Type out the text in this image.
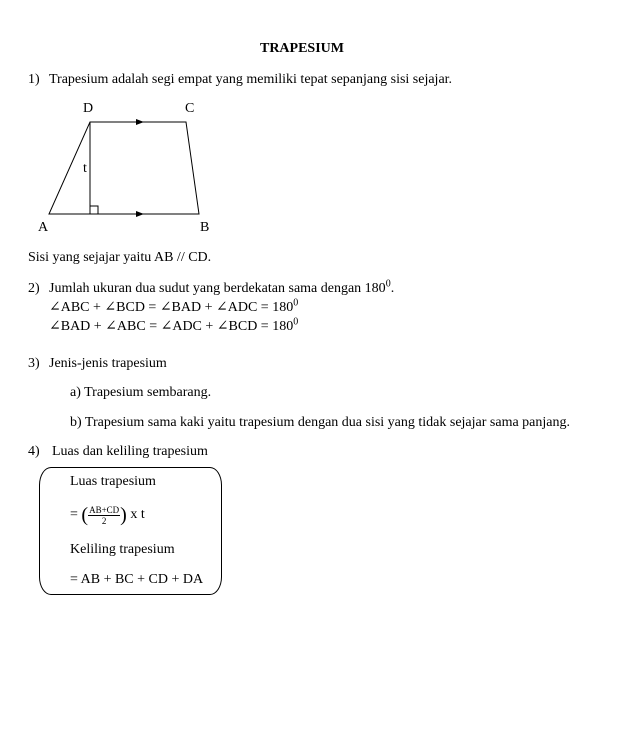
TRAPESIUM
1) Trapesium adalah segi empat yang memiliki tepat sepanjang sisi sejajar.
D	C
A	B
t
Sisi yang sejajar yaitu AB // CD.
2) Jumlah ukuran dua sudut yang berdekatan sama dengan $180^0$.
∠ABC + ∠BCD = ∠BAD + ∠ADC = $180^0$
∠BAD + ∠ABC = ∠ADC + ∠BCD = $180^0$
3) Jenis-jenis trapesium
a) Trapesium sembarang.
b) Trapesium sama kaki yaitu trapesium dengan dua sisi yang tidak sejajar sama panjang.
4) Luas dan keliling trapesium
Luas trapesium
= ( $\frac{AB+CD}{2}$ ) x t
Keliling trapesium
= AB + BC + CD + DA
